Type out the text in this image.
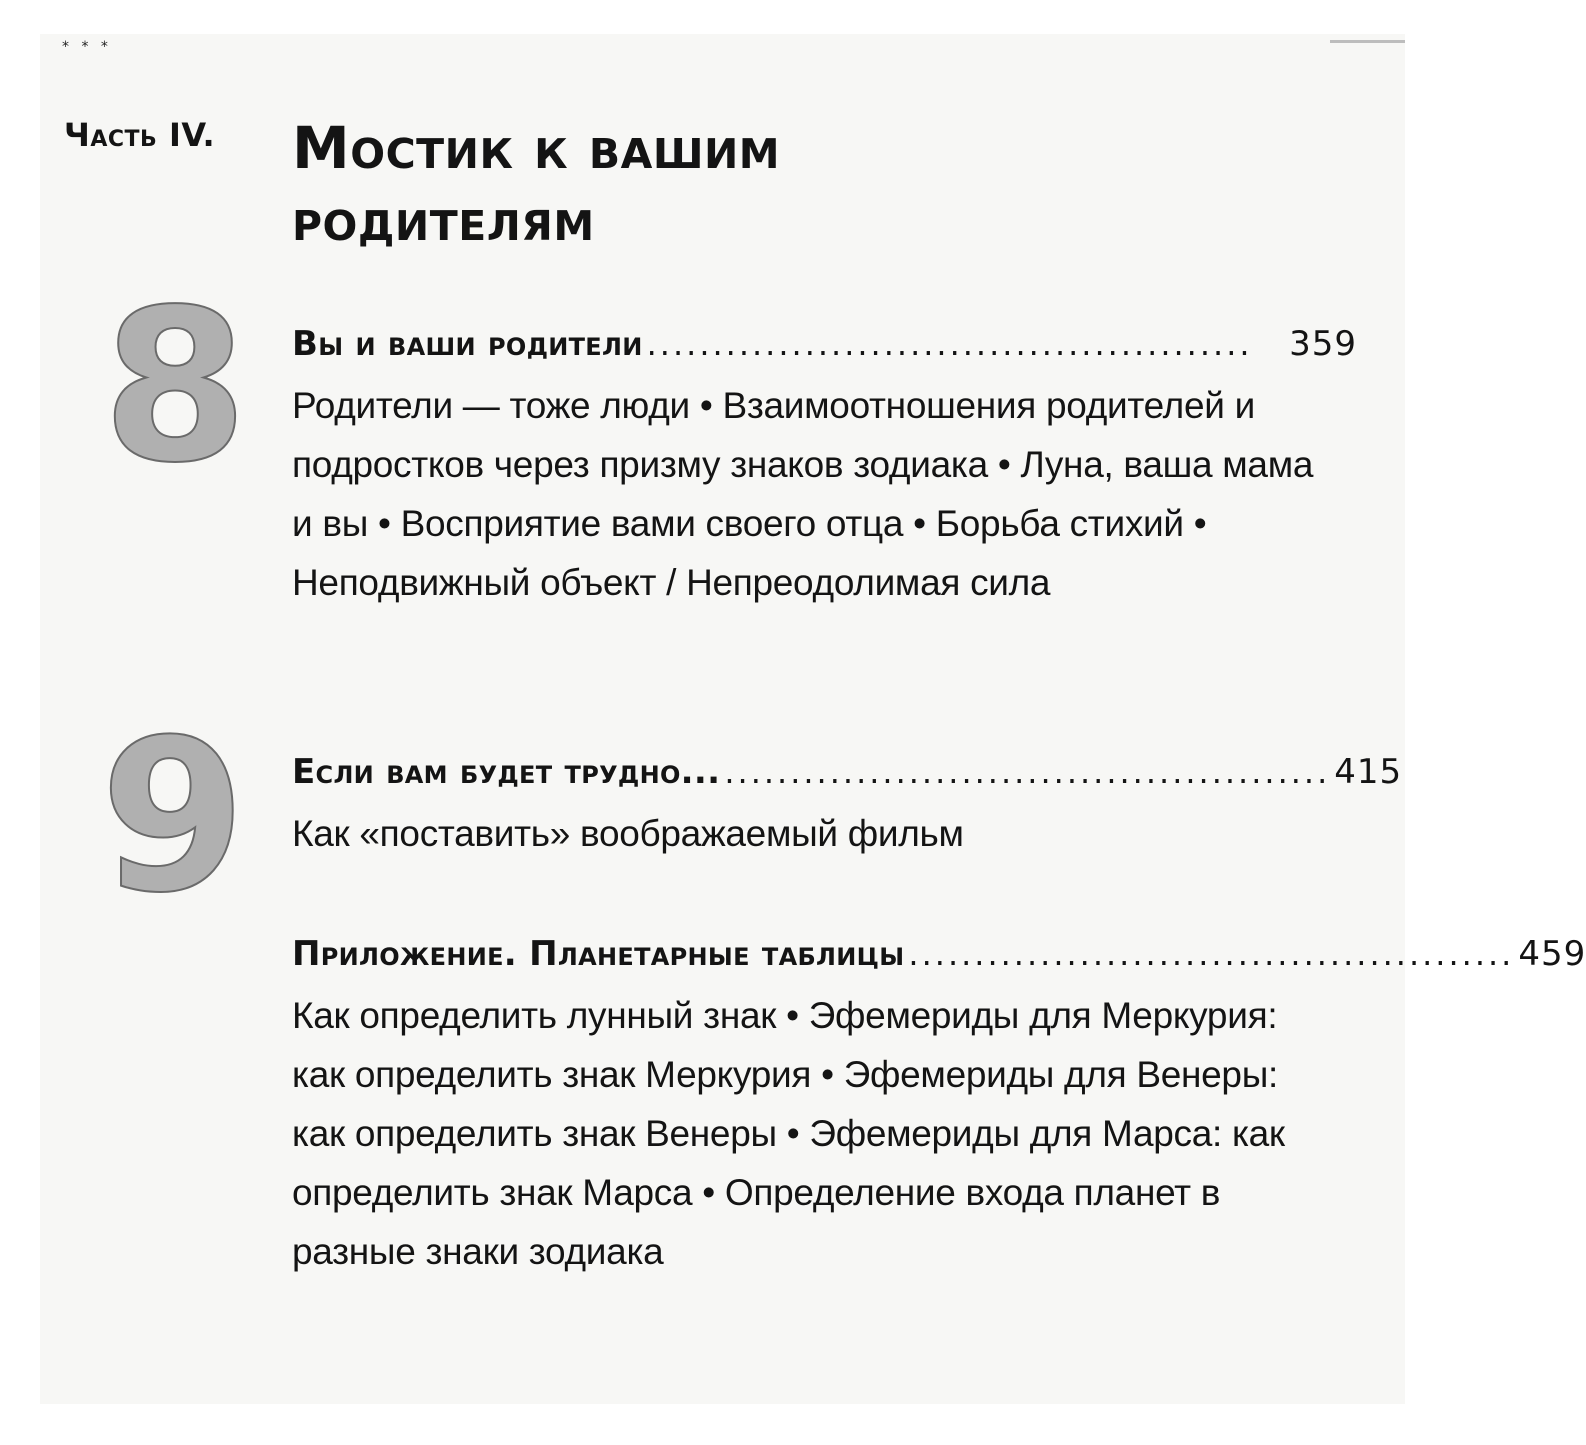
* * *
Часть IV. Мостик к вашим родителям
8 Вы и ваши родители ..............................................	359
Родители — тоже люди • Взаимоотношения родителей и подростков через призму знаков зодиака • Луна, ваша мама и вы • Восприятие вами своего отца • Борьба стихий • Неподвижный объект / Непреодолимая сила
9 Если вам будет трудно... .............................................. 415
Как «поставить» воображаемый фильм
Приложение. Планетарные таблицы .............................................. 459
Как определить лунный знак • Эфемериды для Меркурия: как определить знак Меркурия • Эфемериды для Венеры: как определить знак Венеры • Эфемериды для Марса: как определить знак Марса • Определение входа планет в разные знаки зодиака
